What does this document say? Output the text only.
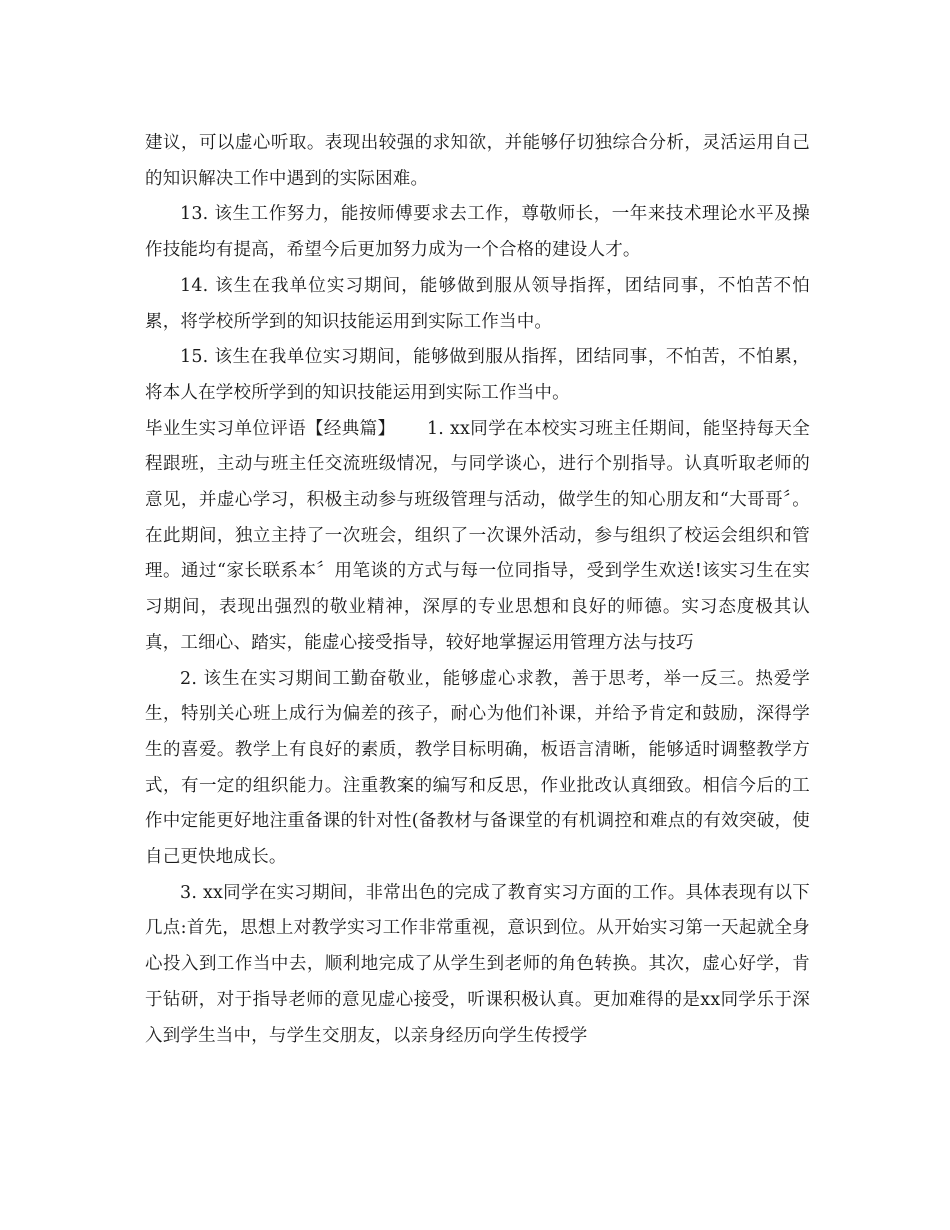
建议，可以虚心听取。表现出较强的求知欲，并能够仔切独综合分析，灵活运用自己的知识解决工作中遇到的实际困难。

13. 该生工作努力，能按师傅要求去工作，尊敬师长，一年来技术理论水平及操作技能均有提高，希望今后更加努力成为一个合格的建设人才。

14. 该生在我单位实习期间，能够做到服从领导指挥，团结同事，不怕苦不怕累，将学校所学到的知识技能运用到实际工作当中。

15. 该生在我单位实习期间，能够做到服从指挥，团结同事，不怕苦，不怕累，将本人在学校所学到的知识技能运用到实际工作当中。

毕业生实习单位评语【经典篇】 1. xx同学在本校实习班主任期间，能坚持每天全程跟班，主动与班主任交流班级情况，与同学谈心，进行个别指导。认真听取老师的意见，并虚心学习，积极主动参与班级管理与活动，做学生的知心朋友和“大哥哥〞。在此期间，独立主持了一次班会，组织了一次课外活动，参与组织了校运会组织和管理。通过“家长联系本〞用笔谈的方式与每一位同指导，受到学生欢送!该实习生在实习期间，表现出强烈的敬业精神，深厚的专业思想和良好的师德。实习态度极其认真，工细心、踏实，能虚心接受指导，较好地掌握运用管理方法与技巧

2. 该生在实习期间工勤奋敬业，能够虚心求教，善于思考，举一反三。热爱学生，特别关心班上成行为偏差的孩子，耐心为他们补课，并给予肯定和鼓励，深得学生的喜爱。教学上有良好的素质，教学目标明确，板语言清晰，能够适时调整教学方式，有一定的组织能力。注重教案的编写和反思，作业批改认真细致。相信今后的工作中定能更好地注重备课的针对性(备教材与备课堂的有机调控和难点的有效突破，使自己更快地成长。

3. xx同学在实习期间，非常出色的完成了教育实习方面的工作。具体表现有以下几点:首先，思想上对教学实习工作非常重视，意识到位。从开始实习第一天起就全身心投入到工作当中去，顺利地完成了从学生到老师的角色转换。其次，虚心好学，肯于钻研，对于指导老师的意见虚心接受，听课积极认真。更加难得的是xx同学乐于深入到学生当中，与学生交朋友，以亲身经历向学生传授学
